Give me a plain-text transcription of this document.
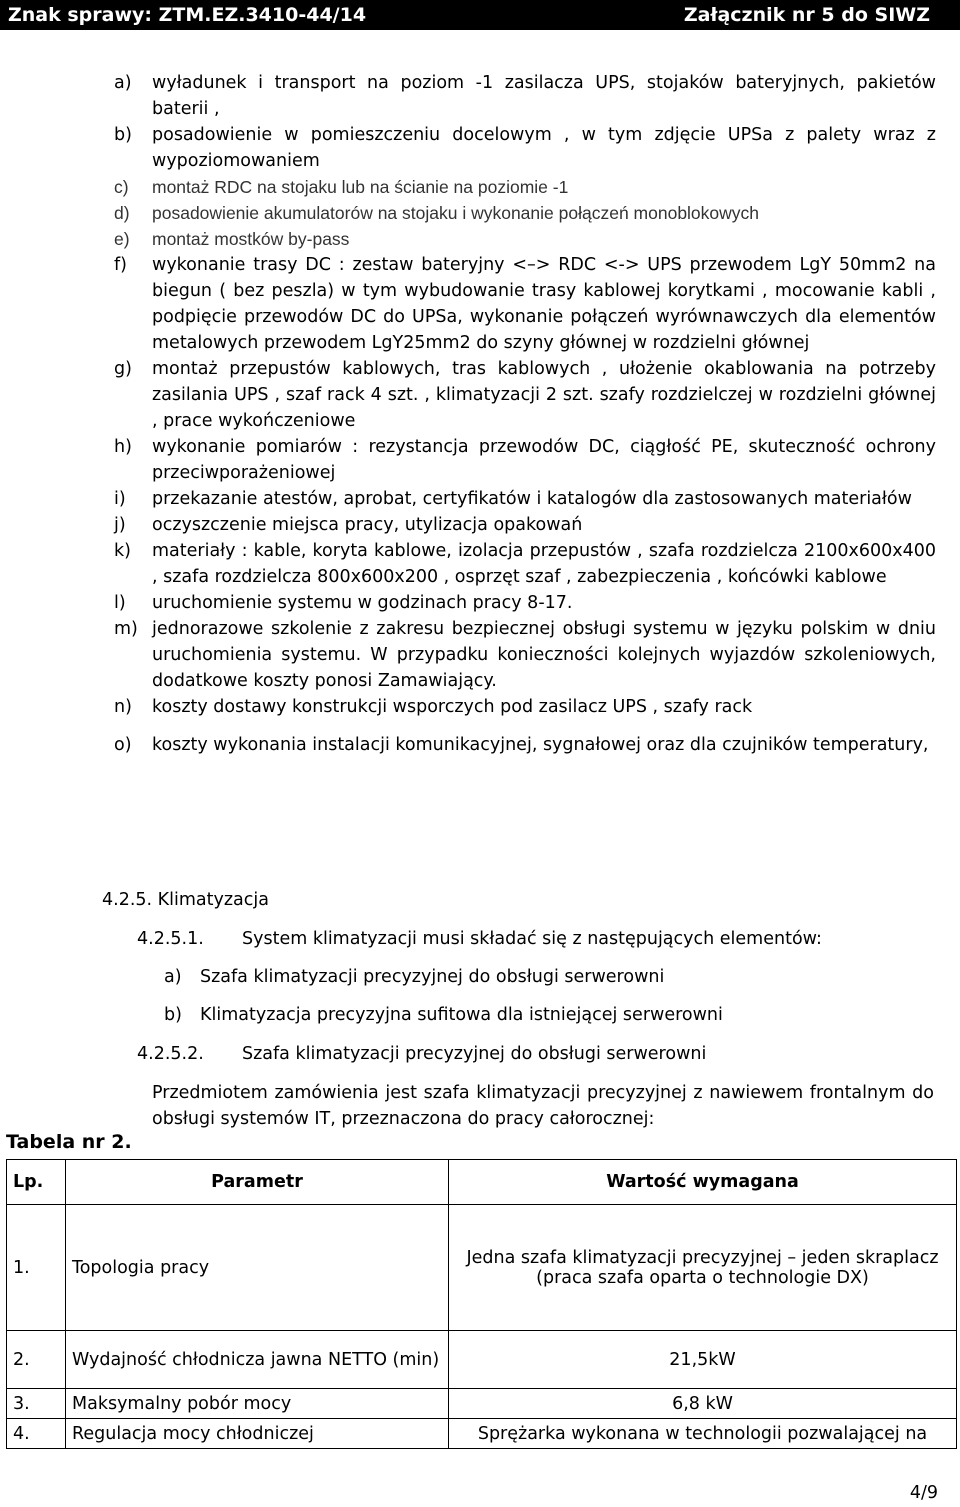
Znak sprawy: ZTM.EZ.3410-44/14	Załącznik nr 5 do SIWZ
a) wyładunek i transport na poziom -1 zasilacza UPS, stojaków bateryjnych, pakietów baterii ,
b) posadowienie w pomieszczeniu docelowym , w tym zdjęcie UPSa z palety wraz z wypoziomowaniem
c) montaż RDC na stojaku lub na ścianie na poziomie -1
d) posadowienie akumulatorów na stojaku i wykonanie połączeń monoblokowych
e) montaż mostków by-pass
f) wykonanie trasy DC : zestaw bateryjny <–> RDC <-> UPS przewodem LgY 50mm2 na biegun ( bez peszla) w tym wybudowanie trasy kablowej korytkami , mocowanie kabli , podpięcie przewodów DC do UPSa, wykonanie połączeń wyrównawczych dla elementów metalowych przewodem LgY25mm2 do szyny głównej w rozdzielni głównej
g) montaż przepustów kablowych, tras kablowych , ułożenie okablowania na potrzeby zasilania UPS , szaf rack 4 szt. , klimatyzacji 2 szt. szafy rozdzielczej w rozdzielni głównej , prace wykończeniowe
h) wykonanie pomiarów : rezystancja przewodów DC, ciągłość PE, skuteczność ochrony przeciwporażeniowej
i) przekazanie atestów, aprobat, certyfikatów i katalogów dla zastosowanych materiałów
j) oczyszczenie miejsca pracy, utylizacja opakowań
k) materiały : kable, koryta kablowe, izolacja przepustów , szafa rozdzielcza 2100x600x400 , szafa rozdzielcza 800x600x200 , osprzęt szaf , zabezpieczenia , końcówki kablowe
l) uruchomienie systemu w godzinach pracy 8-17.
m) jednorazowe szkolenie z zakresu bezpiecznej obsługi systemu w języku polskim w dniu uruchomienia systemu. W przypadku konieczności kolejnych wyjazdów szkoleniowych, dodatkowe koszty ponosi Zamawiający.
n) koszty dostawy konstrukcji wsporczych pod zasilacz UPS , szafy rack
o) koszty wykonania instalacji komunikacyjnej, sygnałowej oraz dla czujników temperatury,
4.2.5. Klimatyzacja
4.2.5.1. System klimatyzacji musi składać się z następujących elementów:
a) Szafa klimatyzacji precyzyjnej do obsługi serwerowni
b) Klimatyzacja precyzyjna sufitowa dla istniejącej serwerowni
4.2.5.2. Szafa klimatyzacji precyzyjnej do obsługi serwerowni
Przedmiotem zamówienia jest szafa klimatyzacji precyzyjnej z nawiewem frontalnym do obsługi systemów IT, przeznaczona do pracy całorocznej:
Tabela nr 2.
Lp.	Parametr	Wartość wymagana
1.	Topologia pracy	Jedna szafa klimatyzacji precyzyjnej – jeden skraplacz (praca szafa oparta o technologie DX)
2.	Wydajność chłodnicza jawna NETTO (min)	21,5kW
3.	Maksymalny pobór mocy	6,8 kW
4.	Regulacja mocy chłodniczej	Sprężarka wykonana w technologii pozwalającej na
4/9
